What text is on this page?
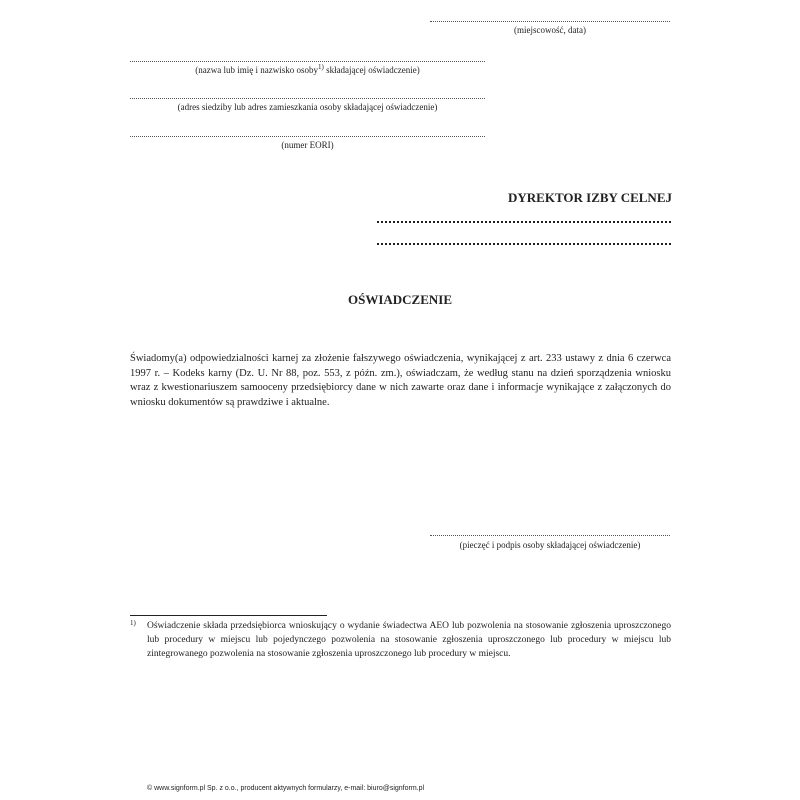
(miejscowość, data)
(nazwa lub imię i nazwisko osoby$^{1)}$ składającej oświadczenie)
(adres siedziby lub adres zamieszkania osoby składającej oświadczenie)
(numer EORI)
DYREKTOR IZBY CELNEJ
OŚWIADCZENIE
Świadomy(a) odpowiedzialności karnej za złożenie fałszywego oświadczenia, wynikającej z art. 233 ustawy z dnia 6 czerwca 1997 r. – Kodeks karny (Dz. U. Nr 88, poz. 553, z późn. zm.), oświadczam, że według stanu na dzień sporządzenia wniosku wraz z kwestionariuszem samooceny przedsiębiorcy dane w nich zawarte oraz dane i informacje wynikające z załączonych do wniosku dokumentów są prawdziwe i aktualne.
(pieczęć i podpis osoby składającej oświadczenie)
1) Oświadczenie składa przedsiębiorca wnioskujący o wydanie świadectwa AEO lub pozwolenia na stosowanie zgłoszenia uproszczonego lub procedury w miejscu lub pojedynczego pozwolenia na stosowanie zgłoszenia uproszczonego lub procedury w miejscu lub zintegrowanego pozwolenia na stosowanie zgłoszenia uproszczonego lub procedury w miejscu.
© www.signform.pl Sp. z o.o., producent aktywnych formularzy, e-mail: biuro@signform.pl
